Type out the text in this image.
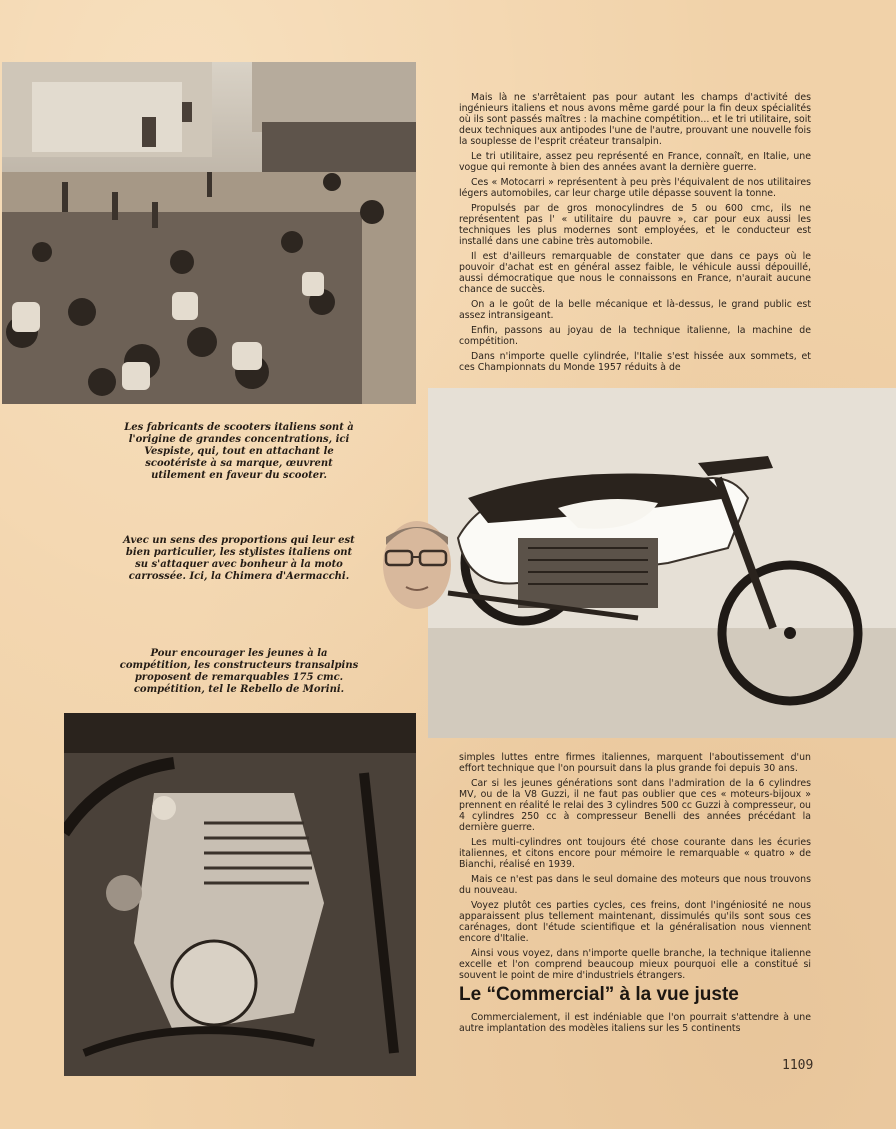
Mais là ne s'arrêtaient pas pour autant les champs d'activité des ingénieurs italiens et nous avons même gardé pour la fin deux spécialités où ils sont passés maîtres : la machine compétition... et le tri utilitaire, soit deux techniques aux antipodes l'une de l'autre, prouvant une nouvelle fois la souplesse de l'esprit créateur transalpin.

Le tri utilitaire, assez peu représenté en France, connaît, en Italie, une vogue qui remonte à bien des années avant la dernière guerre.

Ces « Motocarri » représentent à peu près l'équivalent de nos utilitaires légers automobiles, car leur charge utile dépasse souvent la tonne.

Propulsés par de gros monocylindres de 5 ou 600 cmc, ils ne représentent pas l' « utilitaire du pauvre », car pour eux aussi les techniques les plus modernes sont employées, et le conducteur est installé dans une cabine très automobile.

Il est d'ailleurs remarquable de constater que dans ce pays où le pouvoir d'achat est en général assez faible, le véhicule aussi dépouillé, aussi démocratique que nous le connaissons en France, n'aurait aucune chance de succès.

On a le goût de la belle mécanique et là-dessus, le grand public est assez intransigeant.

Enfin, passons au joyau de la technique italienne, la machine de compétition.

Dans n'importe quelle cylindrée, l'Italie s'est hissée aux sommets, et ces Championnats du Monde 1957 réduits à de

Les fabricants de scooters italiens sont à l'origine de grandes concentrations, ici Vespiste, qui, tout en attachant le scootériste à sa marque, œuvrent utilement en faveur du scooter.
Avec un sens des proportions qui leur est bien particulier, les stylistes italiens ont su s'attaquer avec bonheur à la moto carrossée. Ici, la Chimera d'Aermacchi.
Pour encourager les jeunes à la compétition, les constructeurs transalpins proposent de remarquables 175 cmc. compétition, tel le Rebello de Morini.

simples luttes entre firmes italiennes, marquent l'aboutissement d'un effort technique que l'on poursuit dans la plus grande foi depuis 30 ans.

Car si les jeunes générations sont dans l'admiration de la 6 cylindres MV, ou de la V8 Guzzi, il ne faut pas oublier que ces « moteurs-bijoux » prennent en réalité le relai des 3 cylindres 500 cc Guzzi à compresseur, ou 4 cylindres 250 cc à compresseur Benelli des années précédant la dernière guerre.

Les multi-cylindres ont toujours été chose courante dans les écuries italiennes, et citons encore pour mémoire le remarquable « quatro » de Bianchi, réalisé en 1939.

Mais ce n'est pas dans le seul domaine des moteurs que nous trouvons du nouveau.

Voyez plutôt ces parties cycles, ces freins, dont l'ingéniosité ne nous apparaissent plus tellement maintenant, dissimulés qu'ils sont sous ces carénages, dont l'étude scientifique et la généralisation nous viennent encore d'Italie.

Ainsi vous voyez, dans n'importe quelle branche, la technique italienne excelle et l'on comprend beaucoup mieux pourquoi elle a constitué si souvent le point de mire d'industriels étrangers.

Le “Commercial” à la vue juste

Commercialement, il est indéniable que l'on pourrait s'attendre à une autre implantation des modèles italiens sur les 5 continents

1109
